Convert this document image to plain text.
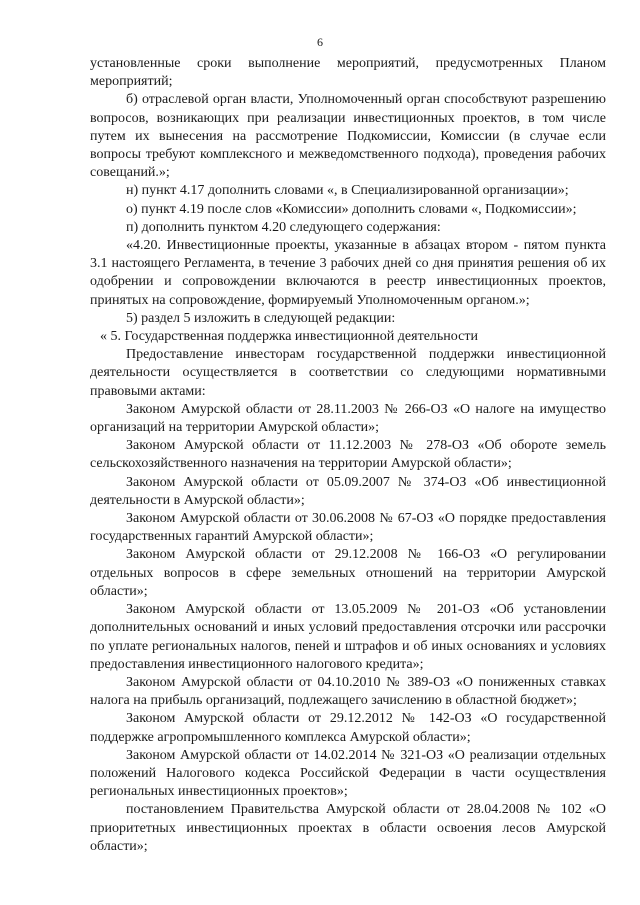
6

установленные сроки выполнение мероприятий, предусмотренных Планом мероприятий;

б) отраслевой орган власти, Уполномоченный орган способствуют разрешению вопросов, возникающих при реализации инвестиционных проектов, в том числе путем их вынесения на рассмотрение Подкомиссии, Комиссии (в случае если вопросы требуют комплексного и межведомственного подхода), проведения рабочих совещаний.»;

н) пункт 4.17 дополнить словами «, в Специализированной организации»;

о) пункт 4.19 после слов «Комиссии» дополнить словами «, Подкомиссии»;

п) дополнить пунктом 4.20 следующего содержания:

«4.20. Инвестиционные проекты, указанные в абзацах втором - пятом пункта 3.1 настоящего Регламента, в течение 3 рабочих дней со дня принятия решения об их одобрении и сопровождении включаются в реестр инвестиционных проектов, принятых на сопровождение, формируемый Уполномоченным органом.»;

5) раздел 5 изложить в следующей редакции:

« 5. Государственная поддержка инвестиционной деятельности

Предоставление инвесторам государственной поддержки инвестиционной деятельности осуществляется в соответствии со следующими нормативными правовыми актами:

Законом Амурской области от 28.11.2003 № 266-ОЗ «О налоге на имущество организаций на территории Амурской области»;

Законом Амурской области от 11.12.2003 № 278-ОЗ «Об обороте земель сельскохозяйственного назначения на территории Амурской области»;

Законом Амурской области от 05.09.2007 № 374-ОЗ «Об инвестиционной деятельности в Амурской области»;

Законом Амурской области от 30.06.2008 № 67-ОЗ «О порядке предоставления государственных гарантий Амурской области»;

Законом Амурской области от 29.12.2008 № 166-ОЗ «О регулировании отдельных вопросов в сфере земельных отношений на территории Амурской области»;

Законом Амурской области от 13.05.2009 № 201-ОЗ «Об установлении дополнительных оснований и иных условий предоставления отсрочки или рассрочки по уплате региональных налогов, пеней и штрафов и об иных основаниях и условиях предоставления инвестиционного налогового кредита»;

Законом Амурской области от 04.10.2010 № 389-ОЗ «О пониженных ставках налога на прибыль организаций, подлежащего зачислению в областной бюджет»;

Законом Амурской области от 29.12.2012 № 142-ОЗ «О государственной поддержке агропромышленного комплекса Амурской области»;

Законом Амурской области от 14.02.2014 № 321-ОЗ «О реализации отдельных положений Налогового кодекса Российской Федерации в части осуществления региональных инвестиционных проектов»;

постановлением Правительства Амурской области от 28.04.2008 № 102 «О приоритетных инвестиционных проектах в области освоения лесов Амурской области»;
